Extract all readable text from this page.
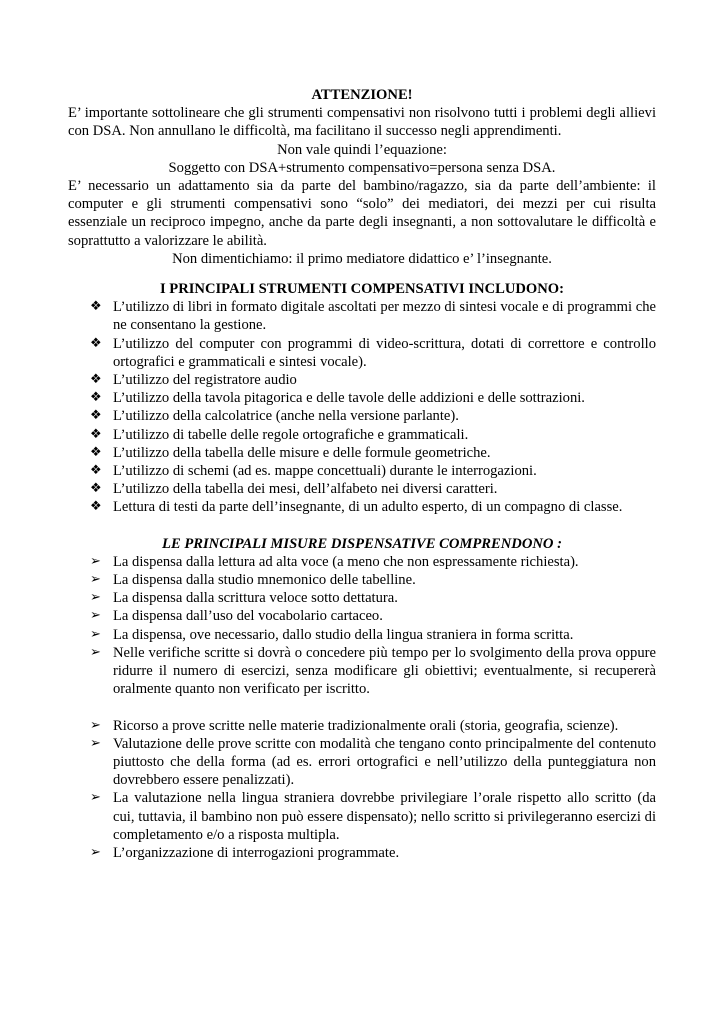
ATTENZIONE!

E’ importante sottolineare che gli strumenti compensativi non risolvono tutti i problemi degli allievi con DSA. Non annullano le difficoltà, ma facilitano il successo negli apprendimenti.

Non vale quindi l’equazione:

Soggetto con DSA+strumento compensativo=persona senza DSA.

E’ necessario un adattamento sia da parte del bambino/ragazzo, sia da parte dell’ambiente: il computer e gli strumenti compensativi sono “solo” dei mediatori, dei mezzi per cui risulta essenziale un reciproco impegno, anche da parte degli insegnanti, a non sottovalutare le difficoltà e soprattutto a valorizzare le abilità.

Non dimentichiamo: il primo mediatore didattico e’ l’insegnante.

I PRINCIPALI STRUMENTI COMPENSATIVI INCLUDONO:

❖ L’utilizzo di libri in formato digitale ascoltati per mezzo di sintesi vocale e di programmi che ne consentano la gestione.
❖ L’utilizzo del computer con programmi di video-scrittura, dotati di correttore e controllo ortografici e grammaticali e sintesi vocale).
❖ L’utilizzo del registratore audio
❖ L’utilizzo della tavola pitagorica e delle tavole delle addizioni e delle sottrazioni.
❖ L’utilizzo della calcolatrice (anche nella versione parlante).
❖ L’utilizzo di tabelle delle regole ortografiche e grammaticali.
❖ L’utilizzo della tabella delle misure e delle formule geometriche.
❖ L’utilizzo di schemi (ad es. mappe concettuali) durante le interrogazioni.
❖ L’utilizzo della tabella dei mesi, dell’alfabeto nei diversi caratteri.
❖ Lettura di testi da parte dell’insegnante, di un adulto esperto, di un compagno di classe.

LE PRINCIPALI MISURE DISPENSATIVE COMPRENDONO :

➢ La dispensa dalla lettura ad alta voce (a meno che non espressamente richiesta).
➢ La dispensa dalla studio mnemonico delle tabelline.
➢ La dispensa dalla scrittura veloce sotto dettatura.
➢ La dispensa dall’uso del vocabolario cartaceo.
➢ La dispensa, ove necessario, dallo studio della lingua straniera in forma scritta.
➢ Nelle verifiche scritte si dovrà o concedere più tempo per lo svolgimento della prova oppure ridurre il numero di esercizi, senza modificare gli obiettivi; eventualmente, si recupererà oralmente quanto non verificato per iscritto.
➢ Ricorso a prove scritte nelle materie tradizionalmente orali (storia, geografia, scienze).
➢ Valutazione delle prove scritte con modalità che tengano conto principalmente del contenuto piuttosto che della forma (ad es. errori ortografici e nell’utilizzo della punteggiatura non dovrebbero essere penalizzati).
➢ La valutazione nella lingua straniera dovrebbe privilegiare l’orale rispetto allo scritto (da cui, tuttavia, il bambino non può essere dispensato); nello scritto si privilegeranno esercizi di completamento e/o a risposta multipla.
➢ L’organizzazione di interrogazioni programmate.
